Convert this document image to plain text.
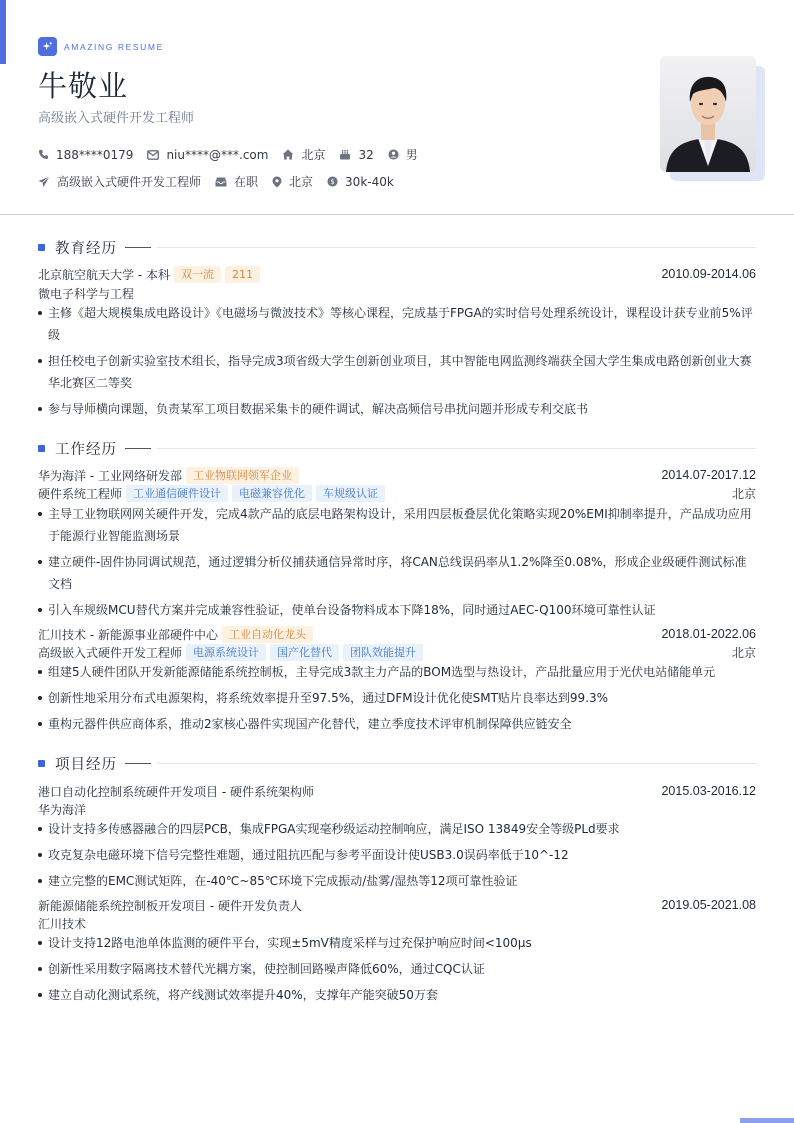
AMAZING RESUME
牛敬业
高级嵌入式硬件开发工程师
188****0179	niu****@***.com	北京	32	男
高级嵌入式硬件开发工程师	在职	北京 $ 30k-40k
教育经历
北京航空航天大学 - 本科	双一流	211	2010.09-2014.06
微电子科学与工程
主修《超大规模集成电路设计》《电磁场与微波技术》等核心课程，完成基于FPGA的实时信号处理系统设计，课程设计获专业前5%评级
担任校电子创新实验室技术组长，指导完成3项省级大学生创新创业项目，其中智能电网监测终端获全国大学生集成电路创新创业大赛华北赛区二等奖
参与导师横向课题，负责某军工项目数据采集卡的硬件调试，解决高频信号串扰问题并形成专利交底书
工作经历
华为海洋 - 工业网络研发部	工业物联网领军企业	2014.07-2017.12
硬件系统工程师	工业通信硬件设计	电磁兼容优化	车规级认证	北京
主导工业物联网网关硬件开发，完成4款产品的底层电路架构设计，采用四层板叠层优化策略实现20%EMI抑制率提升，产品成功应用于能源行业智能监测场景
建立硬件-固件协同调试规范，通过逻辑分析仪捕获通信异常时序，将CAN总线误码率从1.2%降至0.08%，形成企业级硬件测试标准文档
引入车规级MCU替代方案并完成兼容性验证，使单台设备物料成本下降18%，同时通过AEC-Q100环境可靠性认证
汇川技术 - 新能源事业部硬件中心	工业自动化龙头	2018.01-2022.06
高级嵌入式硬件开发工程师	电源系统设计	国产化替代	团队效能提升	北京
组建5人硬件团队开发新能源储能系统控制板，主导完成3款主力产品的BOM选型与热设计，产品批量应用于光伏电站储能单元
创新性地采用分布式电源架构，将系统效率提升至97.5%，通过DFM设计优化使SMT贴片良率达到99.3%
重构元器件供应商体系，推动2家核心器件实现国产化替代，建立季度技术评审机制保障供应链安全
项目经历
港口自动化控制系统硬件开发项目 - 硬件系统架构师	2015.03-2016.12
华为海洋
设计支持多传感器融合的四层PCB，集成FPGA实现毫秒级运动控制响应，满足ISO 13849安全等级PLd要求
攻克复杂电磁环境下信号完整性难题，通过阻抗匹配与参考平面设计使USB3.0误码率低于10^-12
建立完整的EMC测试矩阵，在-40℃~85℃环境下完成振动/盐雾/湿热等12项可靠性验证
新能源储能系统控制板开发项目 - 硬件开发负责人	2019.05-2021.08
汇川技术
设计支持12路电池单体监测的硬件平台，实现±5mV精度采样与过充保护响应时间<100μs
创新性采用数字隔离技术替代光耦方案，使控制回路噪声降低60%，通过CQC认证
建立自动化测试系统，将产线测试效率提升40%，支撑年产能突破50万套
